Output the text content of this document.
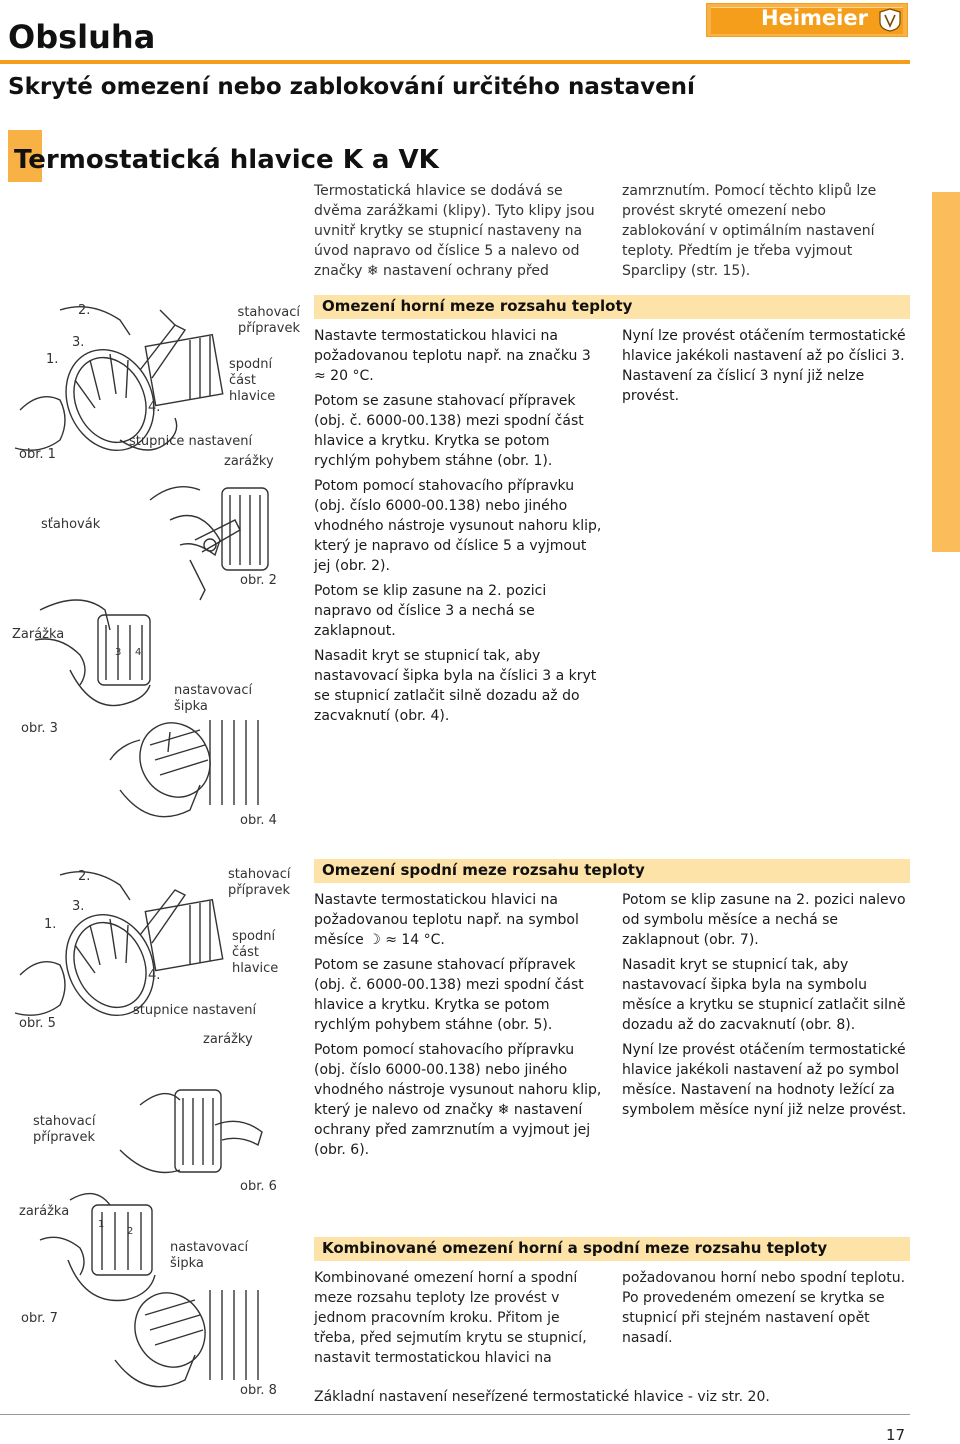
Obsluha	Heimeier
Skryté omezení nebo zablokování určitého nastavení
Termostatická hlavice K a VK
Termostatická hlavice se dodává se dvěma zarážkami (klipy). Tyto klipy jsou uvnitř krytky se stupnicí nastaveny na úvod napravo od číslice 5 a nalevo od značky ❄ nastavení ochrany před
zamrznutím. Pomocí těchto klipů lze provést skryté omezení nebo zablokování v optimálním nastavení teploty. Předtím je třeba vyjmout Sparclipy (str. 15).
Omezení horní meze rozsahu teploty

Nastavte termostatickou hlavici na požadovanou teplotu např. na značku 3 ≈ 20 °C.

Potom se zasune stahovací přípravek (obj. č. 6000-00.138) mezi spodní část hlavice a krytku. Krytka se potom rychlým pohybem stáhne (obr. 1).

Potom pomocí stahovacího přípravku (obj. číslo 6000-00.138) nebo jiného vhodného nástroje vysunout nahoru klip, který je napravo od číslice 5 a vyjmout jej (obr. 2).

Potom se klip zasune na 2. pozici napravo od číslice 3 a nechá se zaklapnout.

Nasadit kryt se stupnicí tak, aby nastavovací šipka byla na číslici 3 a kryt se stupnicí zatlačit silně dozadu až do zacvaknutí (obr. 4).

Nyní lze provést otáčením termostatické hlavice jakékoli nastavení až po číslici 3. Nastavení za číslicí 3 nyní již nelze provést.

Omezení spodní meze rozsahu teploty

Nastavte termostatickou hlavici na požadovanou teplotu např. na symbol měsíce ☽ ≈ 14 °C.

Potom se zasune stahovací přípravek (obj. č. 6000-00.138) mezi spodní část hlavice a krytku. Krytka se potom rychlým pohybem stáhne (obr. 5).

Potom pomocí stahovacího přípravku (obj. číslo 6000-00.138) nebo jiného vhodného nástroje vysunout nahoru klip, který je nalevo od značky ❄ nastavení ochrany před zamrznutím a vyjmout jej (obr. 6).

Potom se klip zasune na 2. pozici nalevo od symbolu měsíce a nechá se zaklapnout (obr. 7).

Nasadit kryt se stupnicí tak, aby nastavovací šipka byla na symbolu měsíce a krytku se stupnicí zatlačit silně dozadu až do zacvaknutí (obr. 8).

Nyní lze provést otáčením termostatické hlavice jakékoli nastavení až po symbol měsíce. Nastavení na hodnoty ležící za symbolem měsíce nyní již nelze provést.

Kombinované omezení horní a spodní meze rozsahu teploty
Kombinované omezení horní a spodní meze rozsahu teploty lze provést v jednom pracovním kroku. Přitom je třeba, před sejmutím krytu se stupnicí, nastavit termostatickou hlavici na
požadovanou horní nebo spodní teplotu. Po provedeném omezení se krytka se stupnicí při stejném nastavení opět nasadí.
Základní nastavení neseřízené termostatické hlavice - viz str. 20.
17
2.
3.
1.
4.
stahovací přípravek
spodní část hlavice
stupnice nastavení
zarážky
obr. 1
sťahovák
obr. 2
Zarážka
3 4
nastavovací šipka
obr. 3
obr. 4
2.
3.
1.
4.
stahovací přípravek
spodní část hlavice
stupnice nastavení
zarážky
obr. 5
stahovací přípravek
obr. 6
zarážka
1
2
nastavovací šipka
obr. 7
obr. 8
